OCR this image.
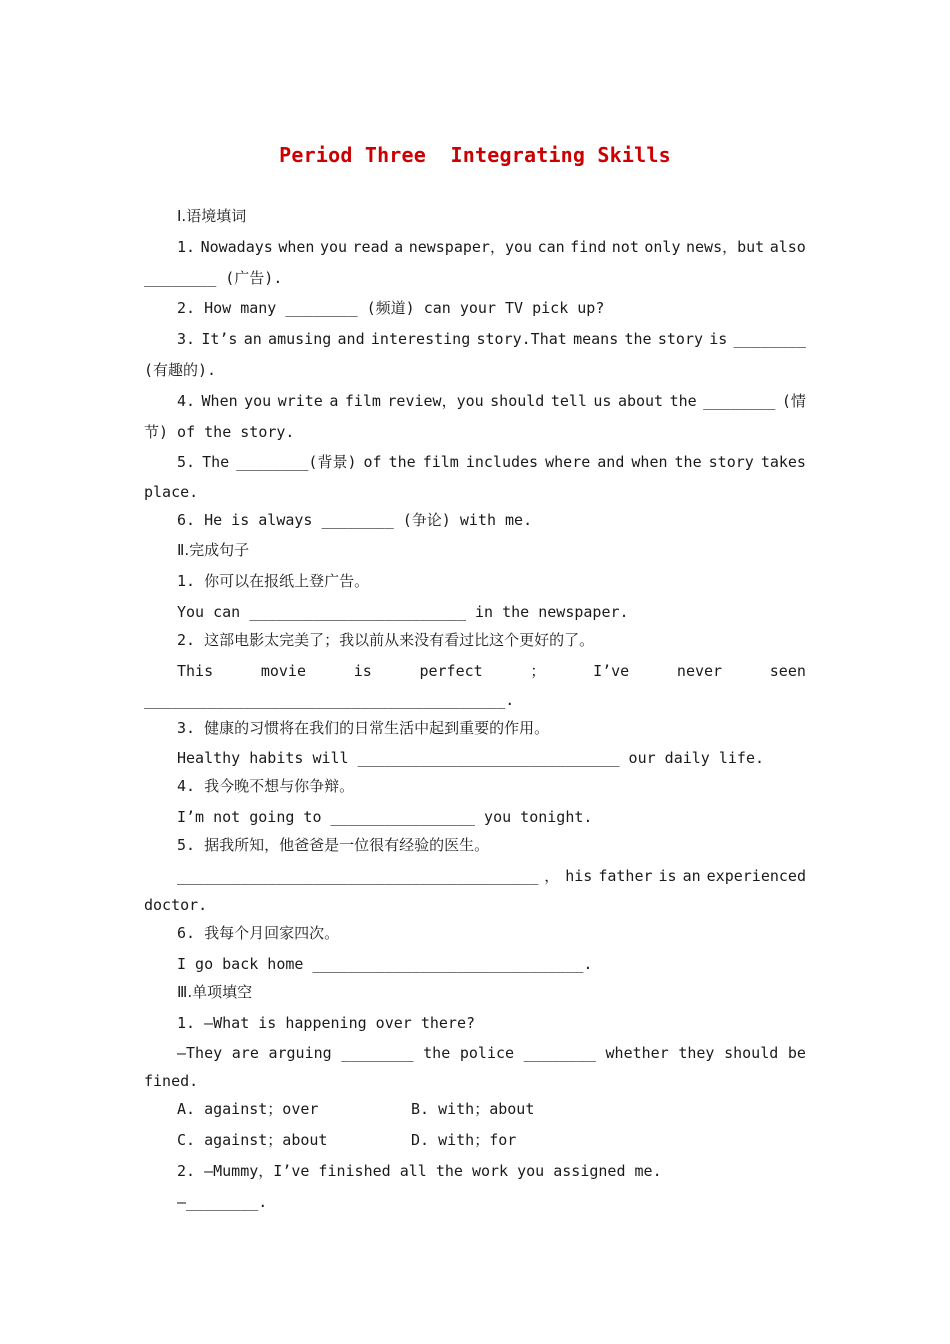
Period Three  Integrating Skills
Ⅰ.语境填词
1. Nowadays when you read a newspaper，you can find not only news，but also
________ (广告).
2. How many ________ (频道) can your TV pick up?
3. It’s an amusing and interesting story.That means the story is ________
(有趣的).
4. When you write a film review，you should tell us about the ________ (情
节) of the story.
5. The ________(背景) of the film includes where and when the story takes
place.
6. He is always ________ (争论) with me.
Ⅱ.完成句子
1. 你可以在报纸上登广告。
You can ________________________ in the newspaper.
2. 这部电影太完美了；我以前从来没有看过比这个更好的了。
This	movie	is	perfect	；	I’ve	never	seen
________________________________________.
3. 健康的习惯将在我们的日常生活中起到重要的作用。
Healthy habits will _____________________________ our daily life.
4. 我今晚不想与你争辩。
I’m not going to ________________ you tonight.
5. 据我所知，他爸爸是一位很有经验的医生。
________________________________________ ， his father is an experienced
doctor.
6. 我每个月回家四次。
I go back home ______________________________.
Ⅲ.单项填空
1. —What is happening over there?
—They are arguing ________ the police ________ whether they should be
fined.
A. against；over	B. with；about
C. against；about	D. with；for
2. —Mummy，I’ve finished all the work you assigned me.
—________.
